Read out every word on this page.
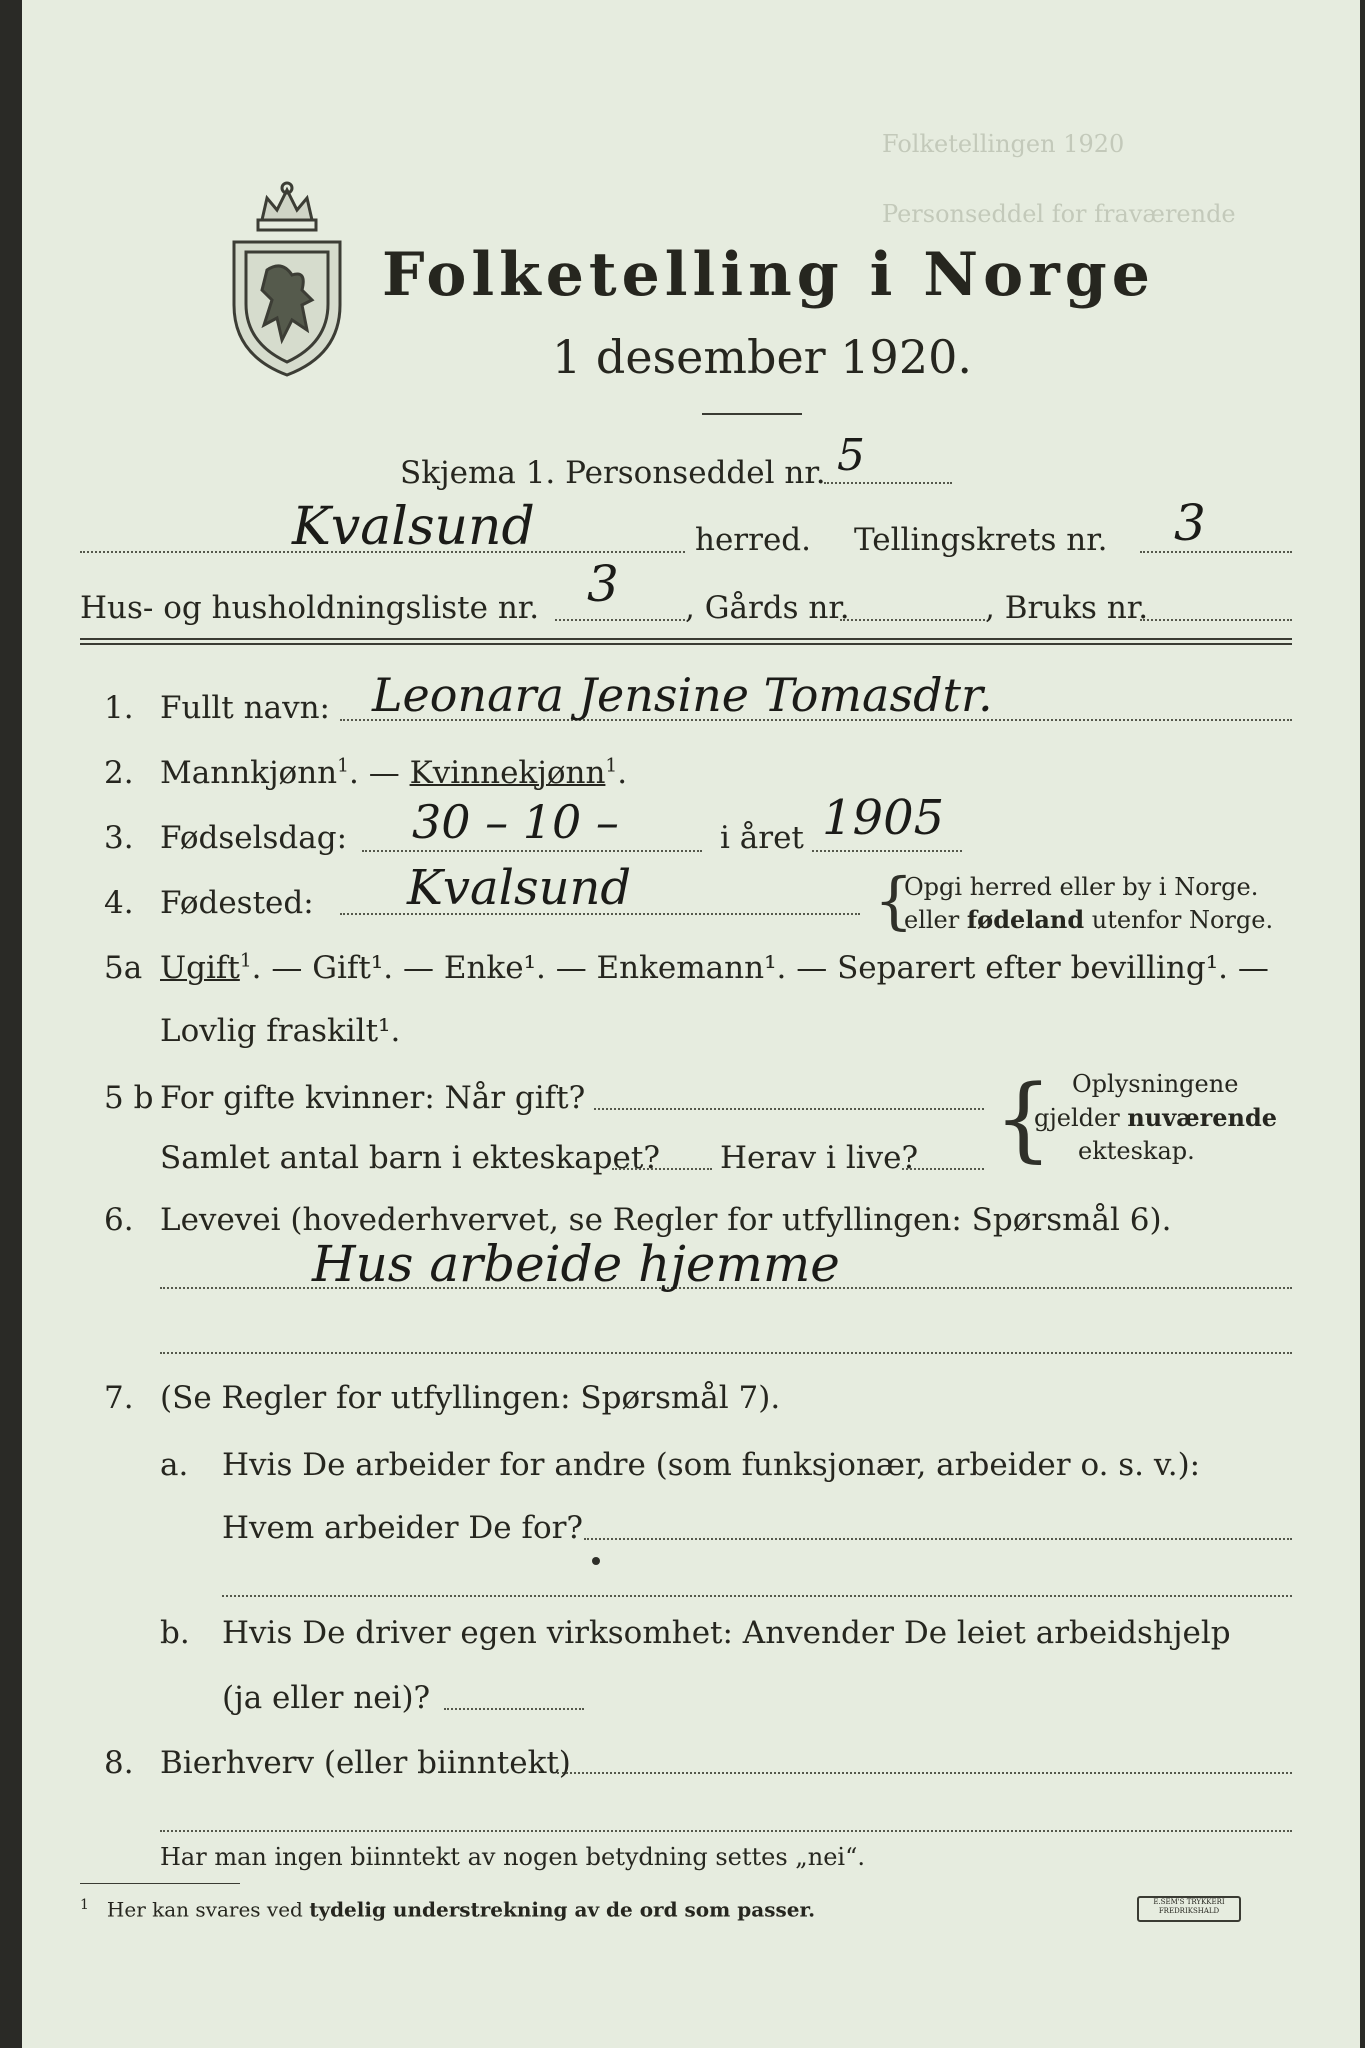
Folketellingen 1920
Personseddel for fraværende
Folketelling i Norge
1 desember 1920.
Skjema 1. Personseddel nr. 5
Kvalsund	herred. Tellingskrets nr. 3
Hus- og husholdningsliste nr. 3 , Gårds nr.	, Bruks nr.
1. Fullt navn: Leonara Jensine Tomasdtr.
2. Mannkjønn$^1$. — Kvinnekjønn$^1$.
3. Fødselsdag: 30 – 10 –	i året 1905
4. Fødested: Kvalsund	{
Opgi herred eller by i Norge.
eller fødeland utenfor Norge.
5a Ugift$^1$. — Gift¹. — Enke¹. — Enkemann¹. — Separert efter bevilling¹. —
Lovlig fraskilt¹.
5 b For gifte kvinner: Når gift?
Samlet antal barn i ekteskapet? Herav i live? { Oplysningene
gjelder nuværende
ekteskap.
6. Levevei (hovederhvervet, se Regler for utfyllingen: Spørsmål 6).
Hus arbeide hjemme
7. (Se Regler for utfyllingen: Spørsmål 7).
a. Hvis De arbeider for andre (som funksjonær, arbeider o. s. v.):
Hvem arbeider De for?
b. Hvis De driver egen virksomhet: Anvender De leiet arbeidshjelp
(ja eller nei)?
8. Bierhverv (eller biinntekt)
Har man ingen biinntekt av nogen betydning settes „nei“.
$^1$ Her kan svares ved tydelig understrekning av de ord som passer.	E.SEM'S TRYKKERI FREDRIKSHALD
